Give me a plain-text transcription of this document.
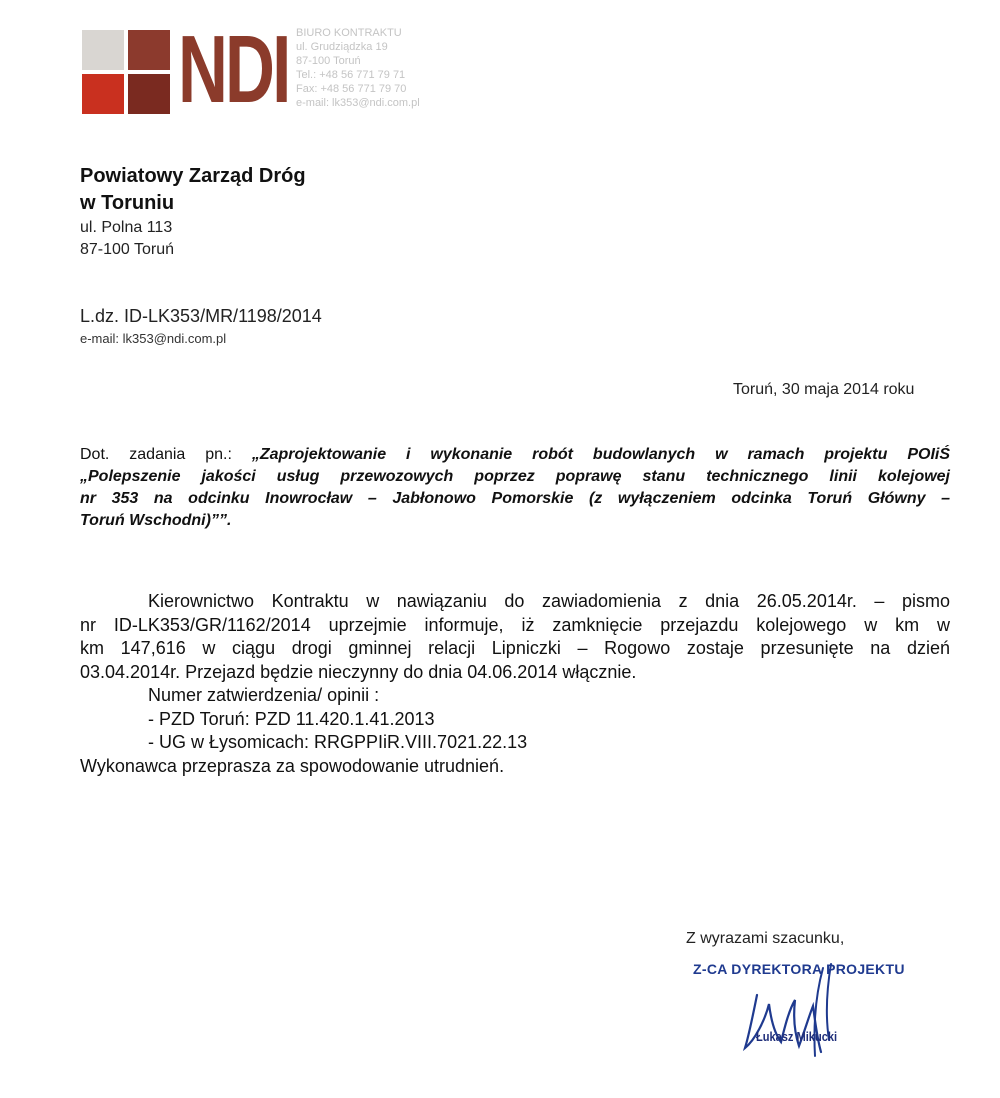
NDI BIURO KONTRAKTU
ul. Grudziądzka 19
87-100 Toruń
Tel.: +48 56 771 79 71
Fax: +48 56 771 79 70
e-mail: lk353@ndi.com.pl
Powiatowy Zarząd Dróg
w Toruniu
ul. Polna 113
87-100 Toruń
L.dz. ID-LK353/MR/1198/2014
e-mail: lk353@ndi.com.pl
Toruń, 30 maja 2014 roku
Dot. zadania pn.: „Zaprojektowanie i wykonanie robót budowlanych w ramach projektu POIiŚ
„Polepszenie jakości usług przewozowych poprzez poprawę stanu technicznego linii kolejowej
nr 353 na odcinku Inowrocław – Jabłonowo Pomorskie (z wyłączeniem odcinka Toruń Główny –
Toruń Wschodni)””.
Kierownictwo Kontraktu w nawiązaniu do zawiadomienia z dnia 26.05.2014r. – pismo
nr ID-LK353/GR/1162/2014 uprzejmie informuje, iż zamknięcie przejazdu kolejowego w km w
km 147,616 w ciągu drogi gminnej relacji Lipniczki – Rogowo zostaje przesunięte na dzień
03.04.2014r. Przejazd będzie nieczynny do dnia 04.06.2014 włącznie.
Numer zatwierdzenia/ opinii :
- PZD Toruń: PZD 11.420.1.41.2013
- UG w Łysomicach: RRGPPIiR.VIII.7021.22.13
Wykonawca przeprasza za spowodowanie utrudnień.
Z wyrazami szacunku,
Z-CA DYREKTORA PROJEKTU
Łukasz Mikucki
